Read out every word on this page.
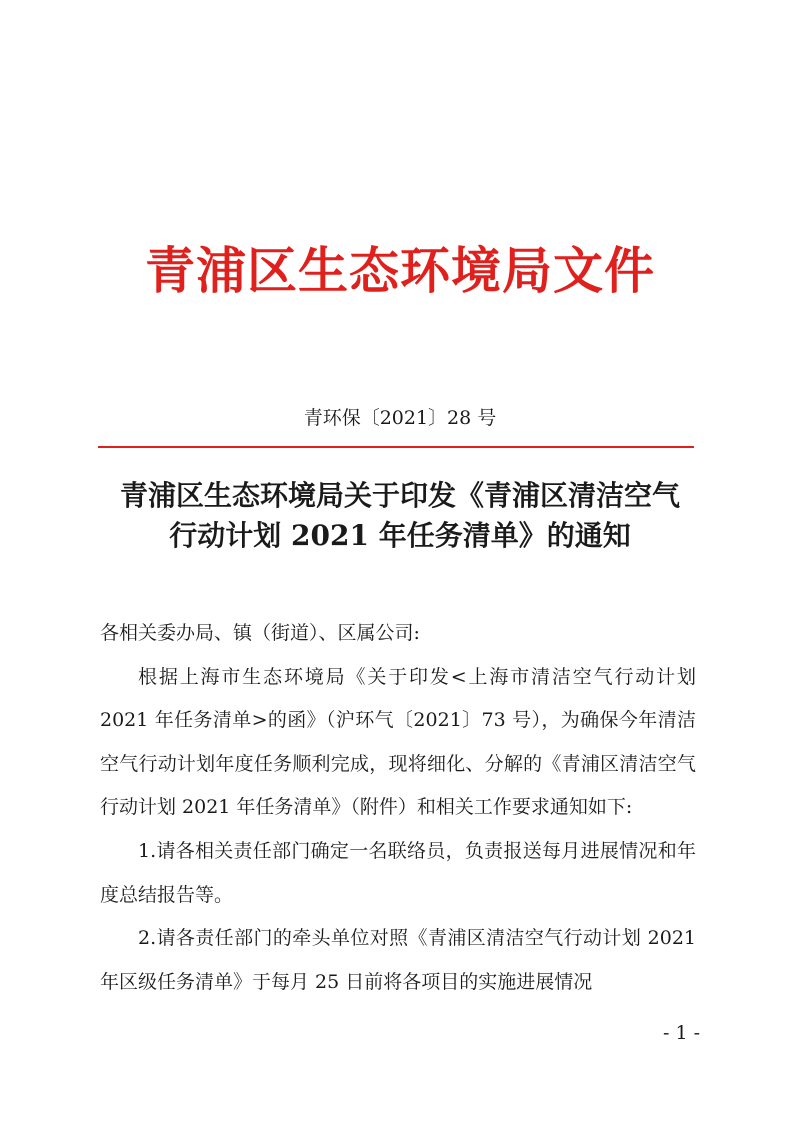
青浦区生态环境局文件
青环保〔2021〕28 号
青浦区生态环境局关于印发《青浦区清洁空气
行动计划 2021 年任务清单》的通知

各相关委办局、镇（街道）、区属公司:

根据上海市生态环境局《关于印发<上海市清洁空气行动计划 2021 年任务清单>的函》（沪环气〔2021〕73 号），为确保今年清洁空气行动计划年度任务顺利完成，现将细化、分解的《青浦区清洁空气行动计划 2021 年任务清单》（附件）和相关工作要求通知如下:

1.请各相关责任部门确定一名联络员，负责报送每月进展情况和年度总结报告等。

2.请各责任部门的牵头单位对照《青浦区清洁空气行动计划 2021 年区级任务清单》于每月 25 日前将各项目的实施进展情况

- 1 -
